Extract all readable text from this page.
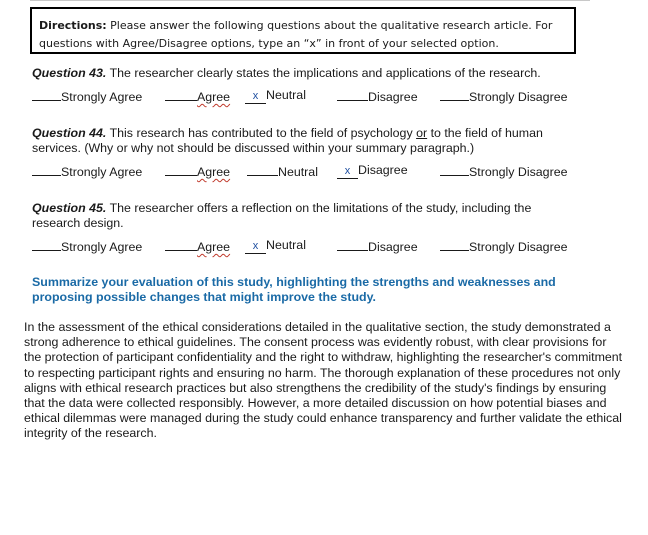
Directions: Please answer the following questions about the qualitative research article. For questions with Agree/Disagree options, type an “x” in front of your selected option.
Question 43. The researcher clearly states the implications and applications of the research.
Strongly Agree	Agree	x Neutral	Disagree	Strongly Disagree
Question 44. This research has contributed to the field of psychology or to the field of human services. (Why or why not should be discussed within your summary paragraph.)
Strongly Agree	Agree	Neutral	x Disagree	Strongly Disagree
Question 45. The researcher offers a reflection on the limitations of the study, including the research design.
Strongly Agree	Agree	x Neutral	Disagree	Strongly Disagree
Summarize your evaluation of this study, highlighting the strengths and weaknesses and proposing possible changes that might improve the study.
In the assessment of the ethical considerations detailed in the qualitative section, the study demonstrated a strong adherence to ethical guidelines. The consent process was evidently robust, with clear provisions for the protection of participant confidentiality and the right to withdraw, highlighting the researcher's commitment to respecting participant rights and ensuring no harm. The thorough explanation of these procedures not only aligns with ethical research practices but also strengthens the credibility of the study's findings by ensuring that the data were collected responsibly. However, a more detailed discussion on how potential biases and ethical dilemmas were managed during the study could enhance transparency and further validate the ethical integrity of the research.
